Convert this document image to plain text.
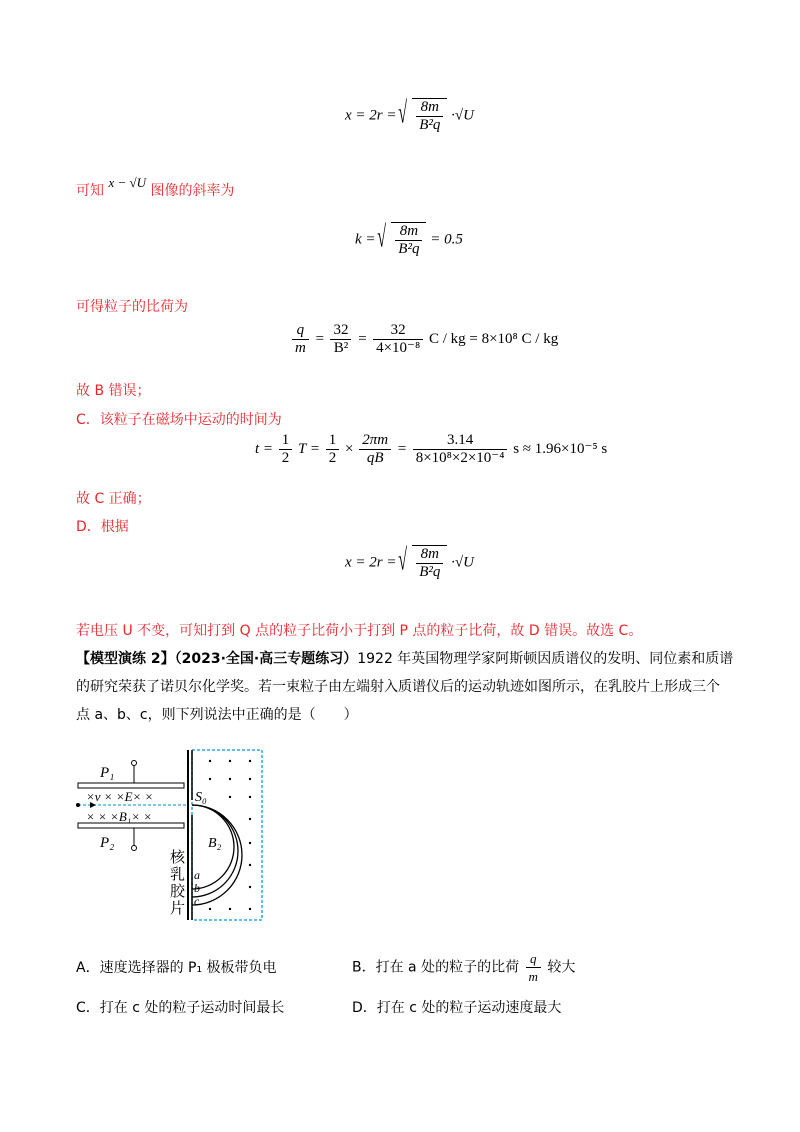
x = 2r = √ $\frac{8m}{\text{B²q}} \cdot√U$
可知 x − √U 图像的斜率为
k = √ $\frac{8m}{\text{B²q}} = 0.5$
可得粒子的比荷为
$\frac{q}{m} = \frac{32}{\text{B²}} = \frac{32}{\text{4×10⁻⁸}}$ C / kg = 8×10⁸ C / kg
故 B 错误；
C．该粒子在磁场中运动的时间为
$t = \frac{1}{2}$ $T = \frac{1}{2} \times \frac{2\pi m}{qB} = \frac{3.14}{\text{8×10⁸×2×10⁻⁴}}$ s ≈ 1.96×10⁻⁵ s
故 C 正确；
D．根据
x = 2r = √ $\frac{8m}{\text{B²q}} \cdot√U$
若电压 U 不变，可知打到 Q 点的粒子比荷小于打到 P 点的粒子比荷，故 D 错误。故选 C。
【模型演练 2】（2023·全国·高三专题练习）1922 年英国物理学家阿斯顿因质谱仪的发明、同位素和质谱
的研究荣获了诺贝尔化学奖。若一束粒子由左端射入质谱仪后的运动轨迹如图所示，在乳胶片上形成三个
点 a、b、c，则下列说法中正确的是（　　）
P₁
P₂
×v × ×E× ×
× × ×B₁× ×
S₀
B₂
a
b
c
核
乳
胶
片
A．速度选择器的 P₁ 极板带负电	B．打在 a 处的粒子的比荷 $\frac{q}{m}$ 较大
C．打在 c 处的粒子运动时间最长	D．打在 c 处的粒子运动速度最大
